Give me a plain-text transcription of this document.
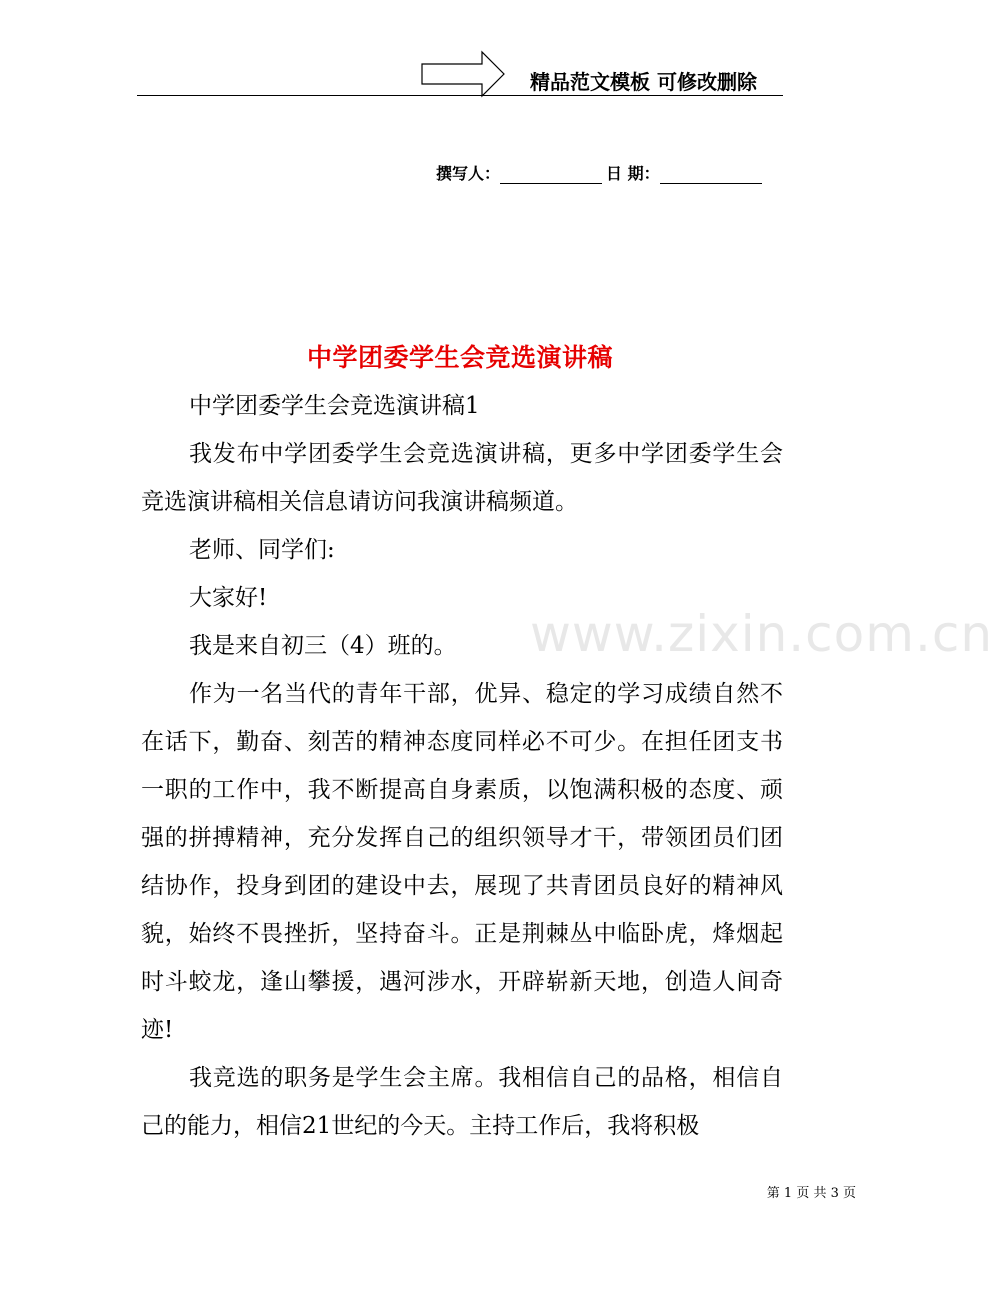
精品范文模板 可修改删除
撰写人：	日 期：
中学团委学生会竞选演讲稿
www.zixin.com.cn

中学团委学生会竞选演讲稿1

我发布中学团委学生会竞选演讲稿，更多中学团委学生会竞选演讲稿相关信息请访问我演讲稿频道。

老师、同学们:

大家好!

我是来自初三（4）班的。

作为一名当代的青年干部，优异、稳定的学习成绩自然不在话下，勤奋、刻苦的精神态度同样必不可少。在担任团支书一职的工作中，我不断提高自身素质，以饱满积极的态度、顽强的拼搏精神，充分发挥自己的组织领导才干，带领团员们团结协作，投身到团的建设中去，展现了共青团员良好的精神风貌，始终不畏挫折，坚持奋斗。正是荆棘丛中临卧虎，烽烟起时斗蛟龙，逢山攀援，遇河涉水，开辟崭新天地，创造人间奇迹!

我竞选的职务是学生会主席。我相信自己的品格，相信自己的能力，相信21世纪的今天。主持工作后，我将积极

第 1 页 共 3 页
